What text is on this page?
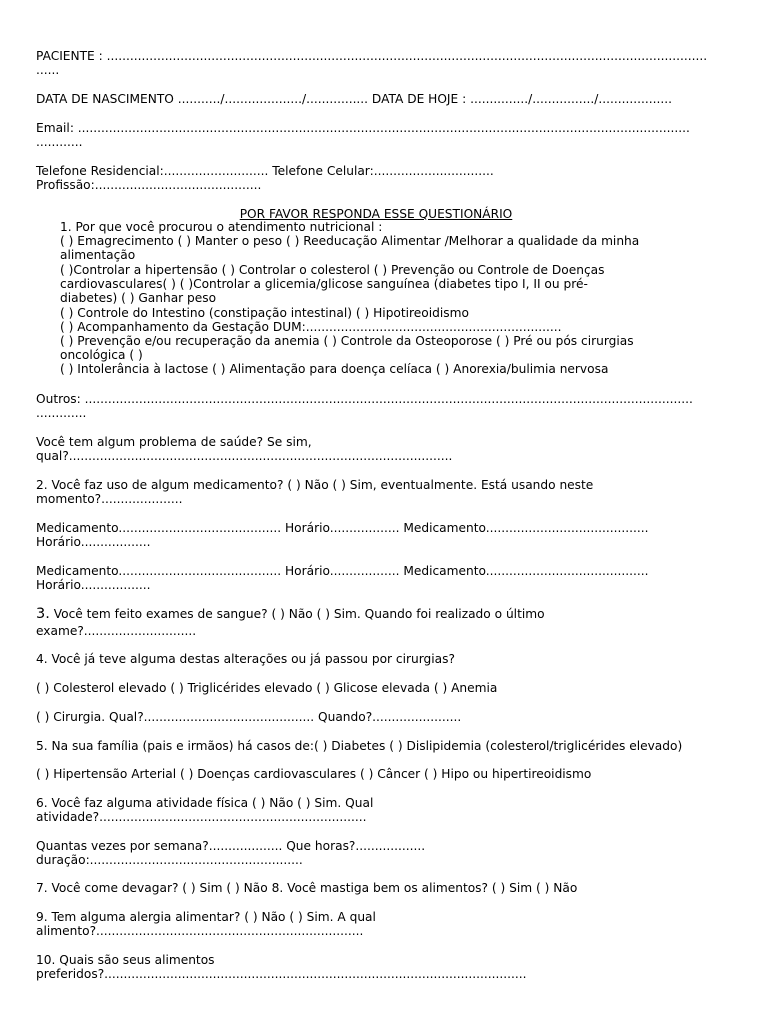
PACIENTE : ...........................................................................................................................................................

......

DATA DE NASCIMENTO .........../..................../................ DATA DE HOJE : .............../................/...................

Email: ..............................................................................................................................................................

............

Telefone Residencial:........................... Telefone Celular:...............................

Profissão:...........................................

POR FAVOR RESPONDA ESSE QUESTIONÁRIO

1. Por que você procurou o atendimento nutricional :

( ) Emagrecimento ( ) Manter o peso ( ) Reeducação Alimentar /Melhorar a qualidade da minha

alimentação

( )Controlar a hipertensão ( ) Controlar o colesterol ( ) Prevenção ou Controle de Doenças

cardiovasculares( ) ( )Controlar a glicemia/glicose sanguínea (diabetes tipo I, II ou pré-

diabetes) ( ) Ganhar peso

( ) Controle do Intestino (constipação intestinal) ( ) Hipotireoidismo

( ) Acompanhamento da Gestação DUM:..................................................................

( ) Prevenção e/ou recuperação da anemia ( ) Controle da Osteoporose ( ) Pré ou pós cirurgias

oncológica ( )

( ) Intolerância à lactose ( ) Alimentação para doença celíaca ( ) Anorexia/bulimia nervosa

Outros: .............................................................................................................................................................

.............

Você tem algum problema de saúde? Se sim,

qual?...................................................................................................

2. Você faz uso de algum medicamento? ( ) Não ( ) Sim, eventualmente. Está usando neste

momento?.....................

Medicamento.......................................... Horário.................. Medicamento..........................................

Horário..................

Medicamento.......................................... Horário.................. Medicamento..........................................

Horário..................

3. Você tem feito exames de sangue? ( ) Não ( ) Sim. Quando foi realizado o último

exame?.............................

4. Você já teve alguma destas alterações ou já passou por cirurgias?

( ) Colesterol elevado ( ) Triglicérides elevado ( ) Glicose elevada ( ) Anemia

( ) Cirurgia. Qual?............................................ Quando?.......................

5. Na sua família (pais e irmãos) há casos de:( ) Diabetes ( ) Dislipidemia (colesterol/triglicérides elevado)

( ) Hipertensão Arterial ( ) Doenças cardiovasculares ( ) Câncer ( ) Hipo ou hipertireoidismo

6. Você faz alguma atividade física ( ) Não ( ) Sim. Qual

atividade?.....................................................................

Quantas vezes por semana?................... Que horas?..................

duração:.......................................................

7. Você come devagar? ( ) Sim ( ) Não 8. Você mastiga bem os alimentos? ( ) Sim ( ) Não

9. Tem alguma alergia alimentar? ( ) Não ( ) Sim. A qual

alimento?.....................................................................

10. Quais são seus alimentos

preferidos?.............................................................................................................
